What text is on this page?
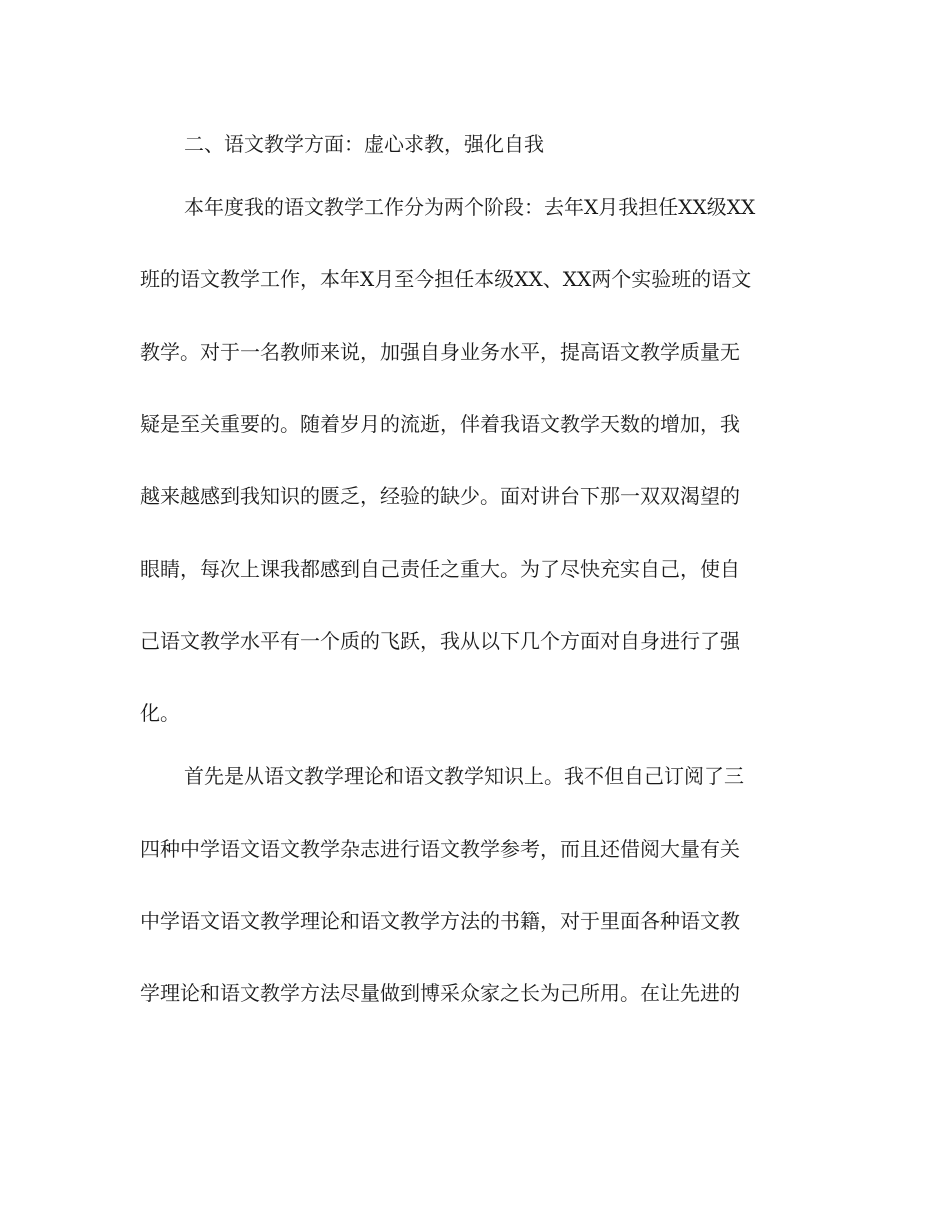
二、语文教学方面：虚心求教，强化自我
本年度我的语文教学工作分为两个阶段：去年X月我担任XX级XX
班的语文教学工作，本年X月至今担任本级XX、XX两个实验班的语文
教学。对于一名教师来说，加强自身业务水平，提高语文教学质量无
疑是至关重要的。随着岁月的流逝，伴着我语文教学天数的增加，我
越来越感到我知识的匮乏，经验的缺少。面对讲台下那一双双渴望的
眼睛，每次上课我都感到自己责任之重大。为了尽快充实自己，使自
己语文教学水平有一个质的飞跃，我从以下几个方面对自身进行了强
化。
首先是从语文教学理论和语文教学知识上。我不但自己订阅了三
四种中学语文语文教学杂志进行语文教学参考，而且还借阅大量有关
中学语文语文教学理论和语文教学方法的书籍，对于里面各种语文教
学理论和语文教学方法尽量做到博采众家之长为己所用。在让先进的
